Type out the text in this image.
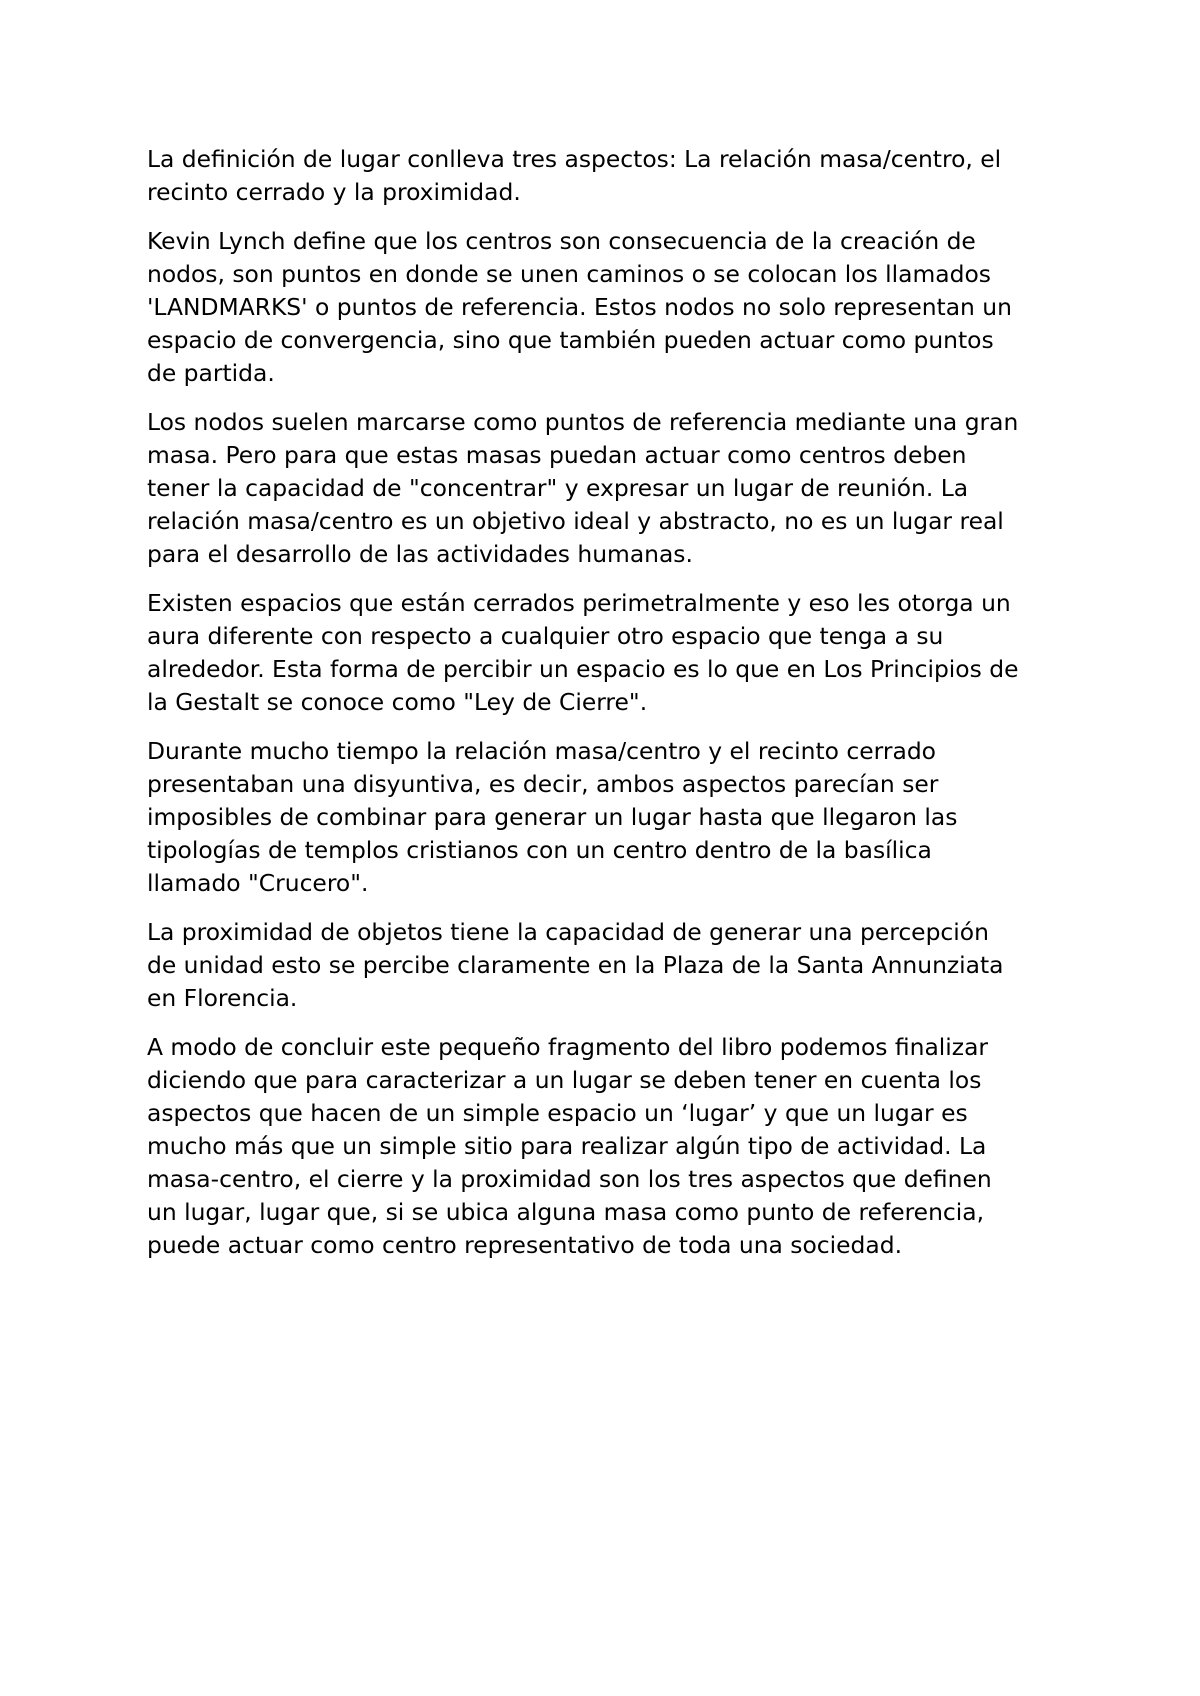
La definición de lugar conlleva tres aspectos: La relación masa/centro, el
recinto cerrado y la proximidad.

Kevin Lynch define que los centros son consecuencia de la creación de
nodos, son puntos en donde se unen caminos o se colocan los llamados
'LANDMARKS' o puntos de referencia. Estos nodos no solo representan un
espacio de convergencia, sino que también pueden actuar como puntos
de partida.

Los nodos suelen marcarse como puntos de referencia mediante una gran
masa. Pero para que estas masas puedan actuar como centros deben
tener la capacidad de "concentrar" y expresar un lugar de reunión. La
relación masa/centro es un objetivo ideal y abstracto, no es un lugar real
para el desarrollo de las actividades humanas.

Existen espacios que están cerrados perimetralmente y eso les otorga un
aura diferente con respecto a cualquier otro espacio que tenga a su
alrededor. Esta forma de percibir un espacio es lo que en Los Principios de
la Gestalt se conoce como "Ley de Cierre".

Durante mucho tiempo la relación masa/centro y el recinto cerrado
presentaban una disyuntiva, es decir, ambos aspectos parecían ser
imposibles de combinar para generar un lugar hasta que llegaron las
tipologías de templos cristianos con un centro dentro de la basílica
llamado "Crucero".

La proximidad de objetos tiene la capacidad de generar una percepción
de unidad esto se percibe claramente en la Plaza de la Santa Annunziata
en Florencia.

A modo de concluir este pequeño fragmento del libro podemos finalizar
diciendo que para caracterizar a un lugar se deben tener en cuenta los
aspectos que hacen de un simple espacio un ‘lugar’ y que un lugar es
mucho más que un simple sitio para realizar algún tipo de actividad. La
masa-centro, el cierre y la proximidad son los tres aspectos que definen
un lugar, lugar que, si se ubica alguna masa como punto de referencia,
puede actuar como centro representativo de toda una sociedad.
